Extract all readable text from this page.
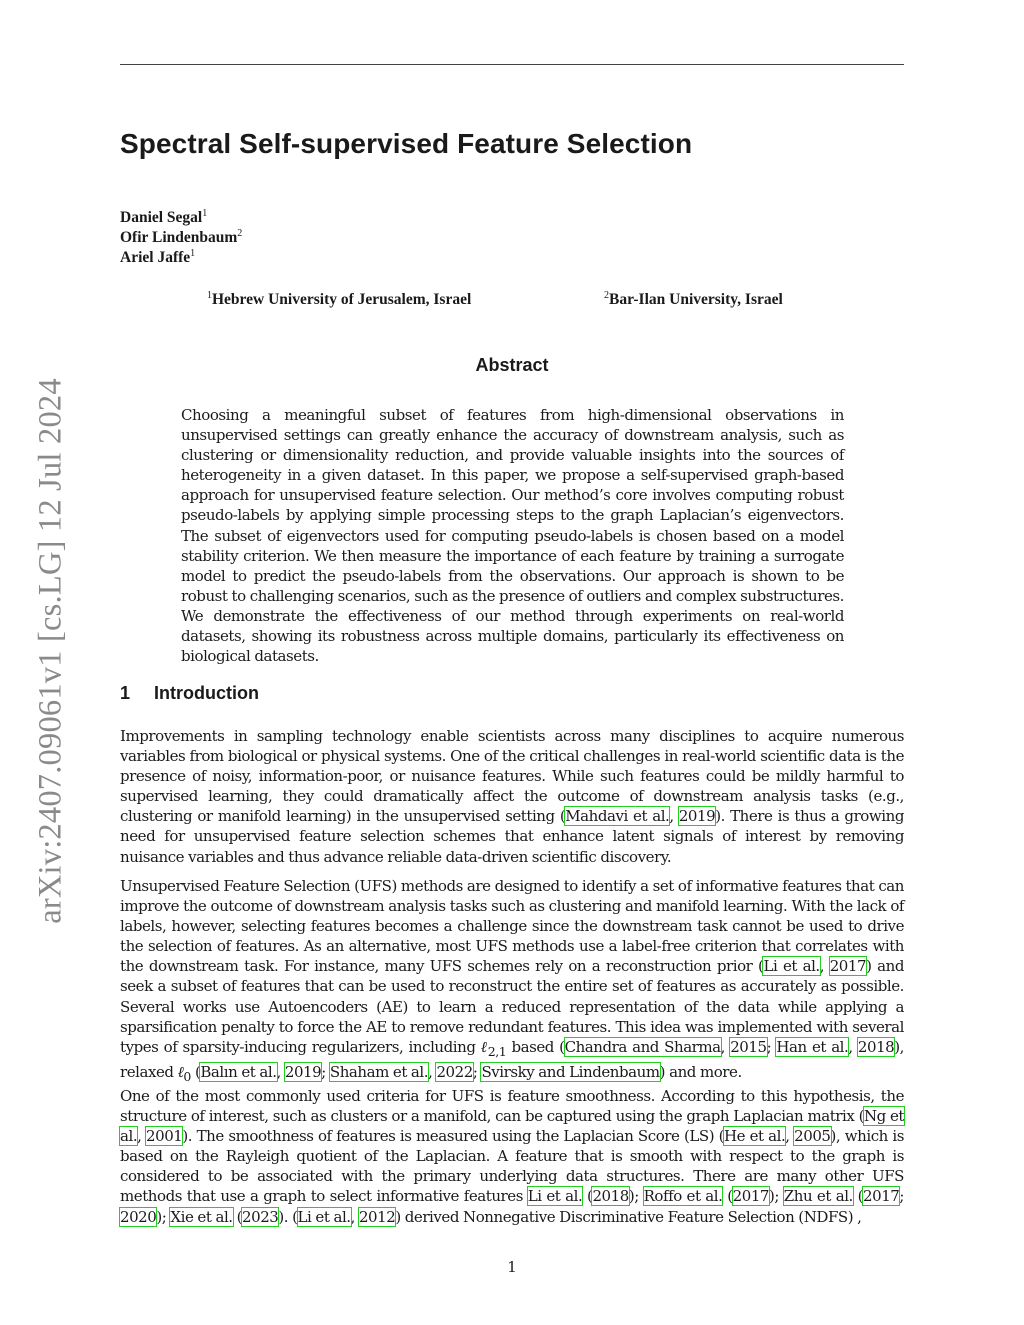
arXiv:2407.09061v1 [cs.LG] 12 Jul 2024
Spectral Self-supervised Feature Selection
Daniel Segal$^1$
Ofir Lindenbaum$^2$
Ariel Jaffe$^1$
$^1$Hebrew University of Jerusalem, Israel	$^2$Bar-Ilan University, Israel
Abstract

Choosing a meaningful subset of features from high-dimensional observations in unsupervised settings can greatly enhance the accuracy of downstream analysis, such as clustering or dimensionality reduction, and provide valuable insights into the sources of heterogeneity in a given dataset. In this paper, we propose a self-supervised graph-based approach for unsupervised feature selection. Our method’s core involves computing robust pseudo-labels by applying simple processing steps to the graph Laplacian’s eigenvectors. The subset of eigenvectors used for computing pseudo-labels is chosen based on a model stability criterion. We then measure the importance of each feature by training a surrogate model to predict the pseudo-labels from the observations. Our approach is shown to be robust to challenging scenarios, such as the presence of outliers and complex substructures. We demonstrate the effectiveness of our method through experiments on real-world datasets, showing its robustness across multiple domains, particularly its effectiveness on biological datasets.

1 Introduction

Improvements in sampling technology enable scientists across many disciplines to acquire numerous variables from biological or physical systems. One of the critical challenges in real-world scientific data is the presence of noisy, information-poor, or nuisance features. While such features could be mildly harmful to supervised learning, they could dramatically affect the outcome of downstream analysis tasks (e.g., clustering or manifold learning) in the unsupervised setting (Mahdavi et al., 2019). There is thus a growing need for unsupervised feature selection schemes that enhance latent signals of interest by removing nuisance variables and thus advance reliable data-driven scientific discovery.

Unsupervised Feature Selection (UFS) methods are designed to identify a set of informative features that can improve the outcome of downstream analysis tasks such as clustering and manifold learning. With the lack of labels, however, selecting features becomes a challenge since the downstream task cannot be used to drive the selection of features. As an alternative, most UFS methods use a label-free criterion that correlates with the downstream task. For instance, many UFS schemes rely on a reconstruction prior (Li et al., 2017) and seek a subset of features that can be used to reconstruct the entire set of features as accurately as possible. Several works use Autoencoders (AE) to learn a reduced representation of the data while applying a sparsification penalty to force the AE to remove redundant features. This idea was implemented with several types of sparsity-inducing regularizers, including ℓ$_{2,1}$ based (Chandra and Sharma, 2015; Han et al., 2018), relaxed ℓ$_0$ (Balın et al., 2019; Shaham et al., 2022; Svirsky and Lindenbaum) and more.

One of the most commonly used criteria for UFS is feature smoothness. According to this hypothesis, the structure of interest, such as clusters or a manifold, can be captured using the graph Laplacian matrix (Ng et al., 2001). The smoothness of features is measured using the Laplacian Score (LS) (He et al., 2005), which is based on the Rayleigh quotient of the Laplacian. A feature that is smooth with respect to the graph is considered to be associated with the primary underlying data structures. There are many other UFS methods that use a graph to select informative features Li et al. (2018); Roffo et al. (2017); Zhu et al. (2017; 2020); Xie et al. (2023). (Li et al., 2012) derived Nonnegative Discriminative Feature Selection (NDFS) ,

1
